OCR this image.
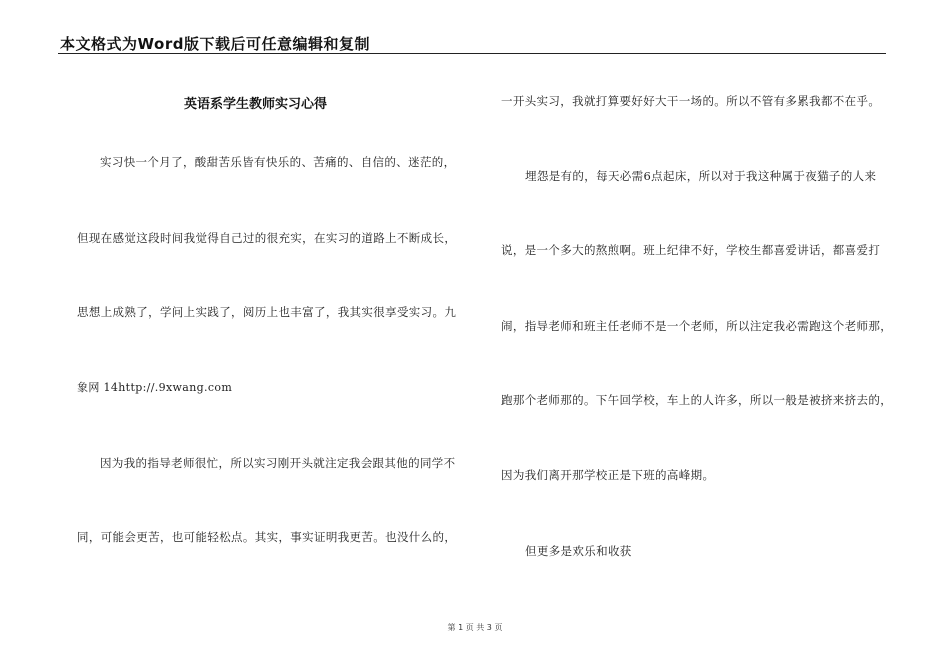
本文格式为Word版下载后可任意编辑和复制
英语系学生教师实习心得
实习快一个月了，酸甜苦乐皆有快乐的、苦痛的、自信的、迷茫的，
但现在感觉这段时间我觉得自己过的很充实，在实习的道路上不断成长，
思想上成熟了，学问上实践了，阅历上也丰富了，我其实很享受实习。九
象网 14http://.9xwang.com
因为我的指导老师很忙，所以实习刚开头就注定我会跟其他的同学不
同，可能会更苦，也可能轻松点。其实，事实证明我更苦。也没什么的，
一开头实习，我就打算要好好大干一场的。所以不管有多累我都不在乎。
埋怨是有的，每天必需6点起床，所以对于我这种属于夜猫子的人来
说，是一个多大的熬煎啊。班上纪律不好，学校生都喜爱讲话，都喜爱打
闹，指导老师和班主任老师不是一个老师，所以注定我必需跑这个老师那，
跑那个老师那的。下午回学校，车上的人许多，所以一般是被挤来挤去的，
因为我们离开那学校正是下班的高峰期。
但更多是欢乐和收获
第 1 页 共 3 页
